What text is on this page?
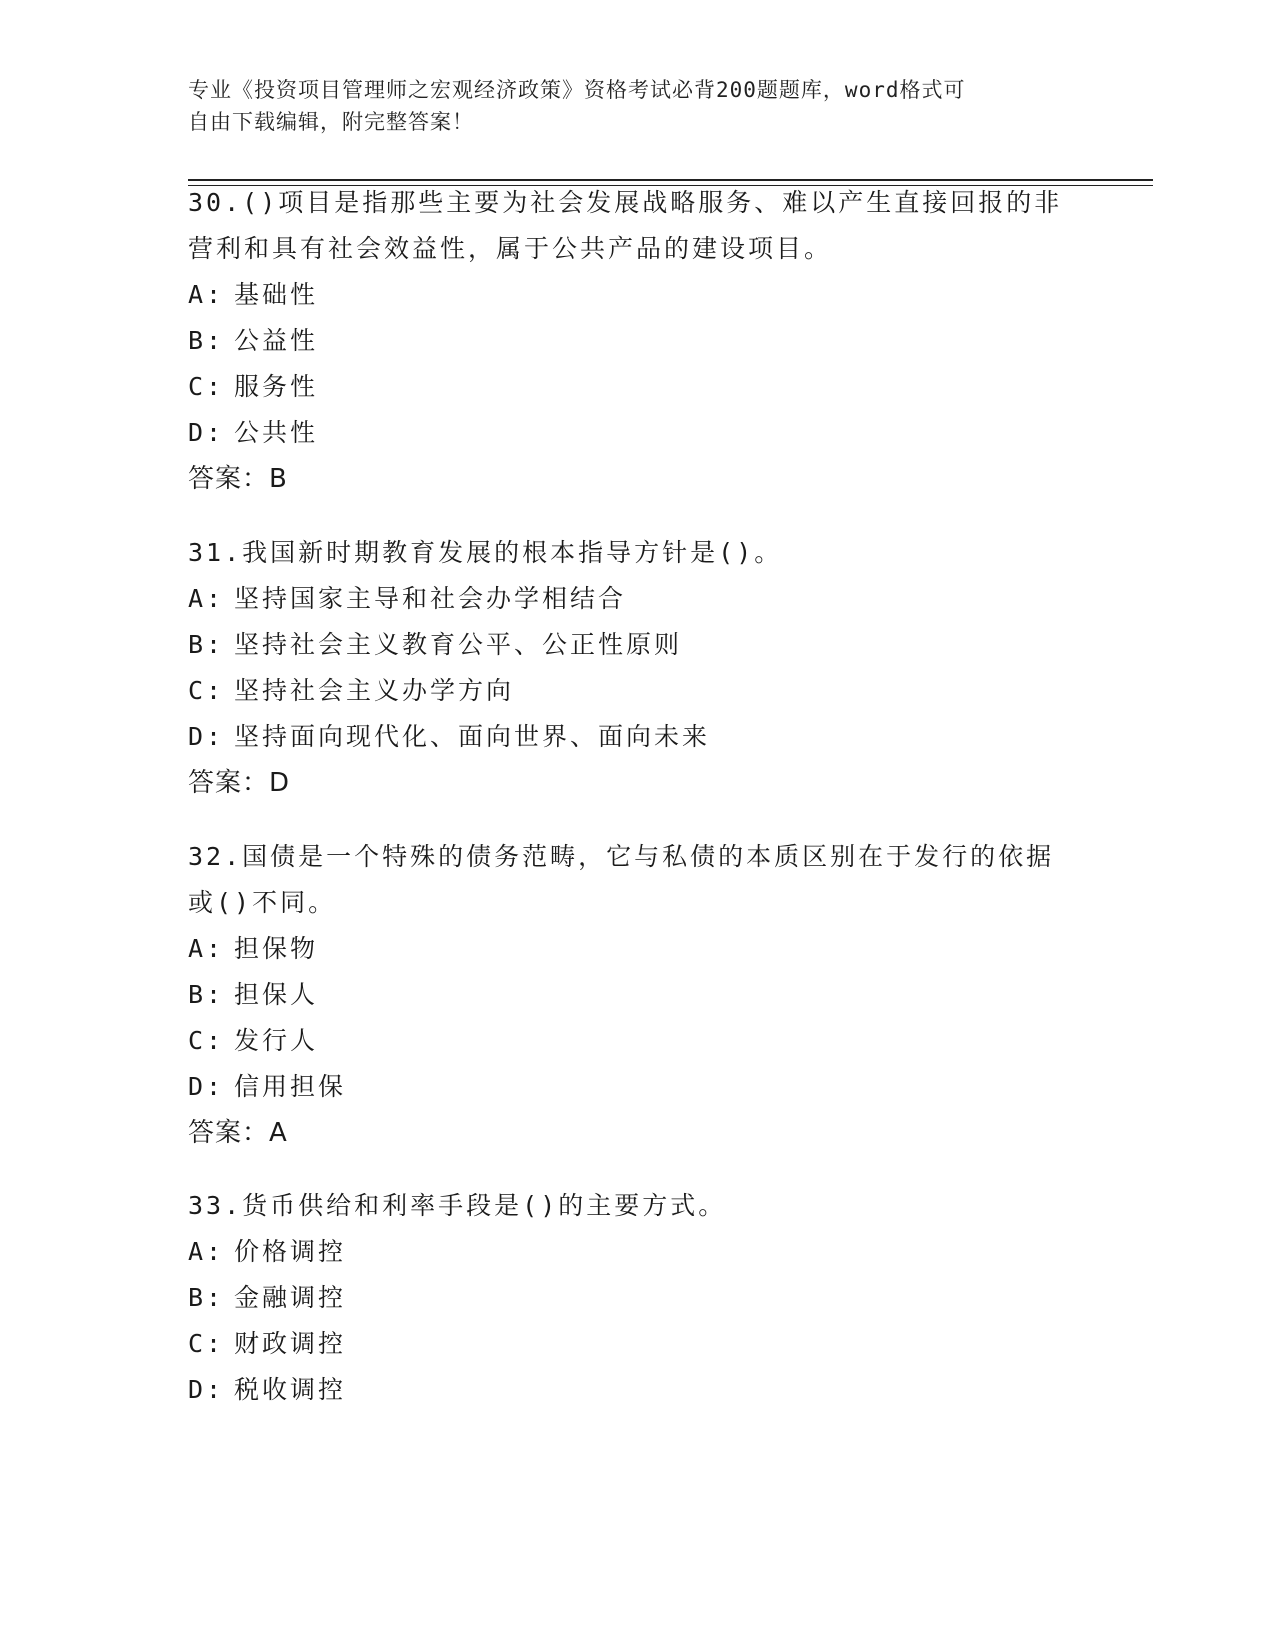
专业《投资项目管理师之宏观经济政策》资格考试必背200题题库，word格式可
自由下载编辑，附完整答案！
30.()项目是指那些主要为社会发展战略服务、难以产生直接回报的非
营利和具有社会效益性，属于公共产品的建设项目。
A: 基础性
B: 公益性
C: 服务性
D: 公共性
答案：B
31.我国新时期教育发展的根本指导方针是()。
A: 坚持国家主导和社会办学相结合
B: 坚持社会主义教育公平、公正性原则
C: 坚持社会主义办学方向
D: 坚持面向现代化、面向世界、面向未来
答案：D
32.国债是一个特殊的债务范畴，它与私债的本质区别在于发行的依据
或()不同。
A: 担保物
B: 担保人
C: 发行人
D: 信用担保
答案：A
33.货币供给和利率手段是()的主要方式。
A: 价格调控
B: 金融调控
C: 财政调控
D: 税收调控
